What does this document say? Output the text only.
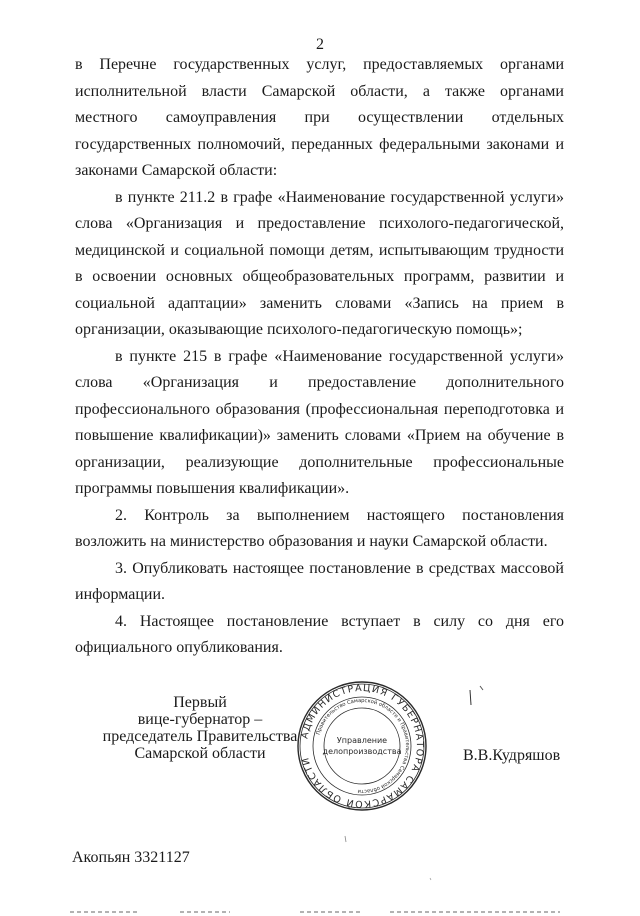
2

в Перечне государственных услуг, предоставляемых органами исполнительной власти Самарской области, а также органами местного самоуправления при осуществлении отдельных государственных полномочий, переданных федеральными законами и законами Самарской области:

в пункте 211.2 в графе «Наименование государственной услуги» слова «Организация и предоставление психолого-педагогической, медицинской и социальной помощи детям, испытывающим трудности в освоении основных общеобразовательных программ, развитии и социальной адаптации» заменить словами «Запись на прием в организации, оказывающие психолого-педагогическую помощь»;

в пункте 215 в графе «Наименование государственной услуги» слова «Организация и предоставление дополнительного профессионального образования (профессиональная переподготовка и повышение квалификации)» заменить словами «Прием на обучение в организации, реализующие дополнительные профессиональные программы повышения квалификации».

2. Контроль за выполнением настоящего постановления возложить на министерство образования и науки Самарской области.

3. Опубликовать настоящее постановление в средствах массовой информации.

4. Настоящее постановление вступает в силу со дня его официального опубликования.

Первый
вице-губернатор –
председатель Правительства
Самарской области
АДМИНИСТРАЦИЯ ГУБЕРНАТОРА САМАРСКОЙ ОБЛАСТИ
Правительство Самарской области и Правительства Самарской области
Управление
делопроизводства	В.В.Кудряшов
Акопьян 3321127
